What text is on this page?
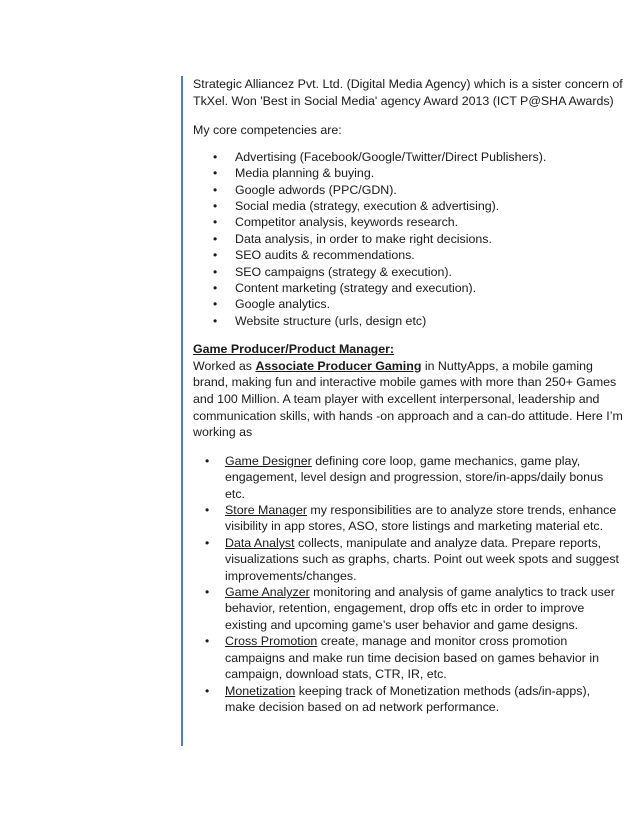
Strategic Alliancez Pvt. Ltd. (Digital Media Agency) which is a sister concern of TkXel. Won 'Best in Social Media' agency Award 2013 (ICT P@SHA Awards)

My core competencies are:

• Advertising (Facebook/Google/Twitter/Direct Publishers).
• Media planning & buying.
• Google adwords (PPC/GDN).
• Social media (strategy, execution & advertising).
• Competitor analysis, keywords research.
• Data analysis, in order to make right decisions.
• SEO audits & recommendations.
• SEO campaigns (strategy & execution).
• Content marketing (strategy and execution).
• Google analytics.
• Website structure (urls, design etc)

Game Producer/Product Manager:

Worked as Associate Producer Gaming in NuttyApps, a mobile gaming brand, making fun and interactive mobile games with more than 250+ Games and 100 Million. A team player with excellent interpersonal, leadership and communication skills, with hands -on approach and a can-do attitude. Here I’m working as

• Game Designer defining core loop, game mechanics, game play, engagement, level design and progression, store/in-apps/daily bonus etc.
• Store Manager my responsibilities are to analyze store trends, enhance visibility in app stores, ASO, store listings and marketing material etc.
• Data Analyst collects, manipulate and analyze data. Prepare reports, visualizations such as graphs, charts. Point out week spots and suggest improvements/changes.
• Game Analyzer monitoring and analysis of game analytics to track user behavior, retention, engagement, drop offs etc in order to improve existing and upcoming game’s user behavior and game designs.
• Cross Promotion create, manage and monitor cross promotion campaigns and make run time decision based on games behavior in campaign, download stats, CTR, IR, etc.
• Monetization keeping track of Monetization methods (ads/in-apps), make decision based on ad network performance.
